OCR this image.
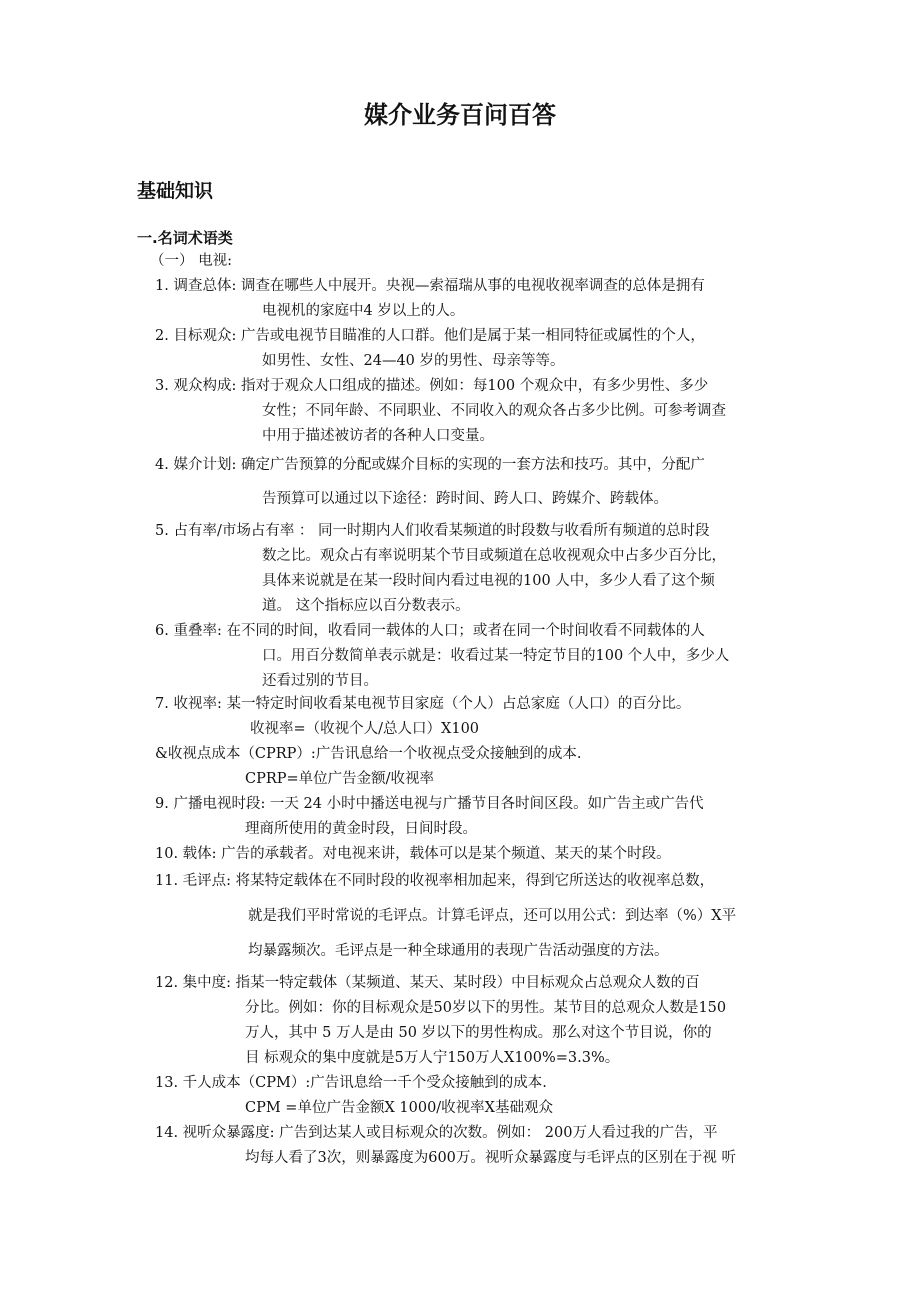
媒介业务百问百答
基础知识
一.名词术语类
（一） 电视:
1. 调查总体: 调查在哪些人中展开。央视—索福瑞从事的电视收视率调查的总体是拥有
电视机的家庭中4 岁以上的人。
2. 目标观众: 广告或电视节目瞄准的人口群。他们是属于某一相同特征或属性的个人，
如男性、女性、24—40 岁的男性、母亲等等。
3. 观众构成: 指对于观众人口组成的描述。例如：每100 个观众中，有多少男性、多少
女性；不同年龄、不同职业、不同收入的观众各占多少比例。可参考调查
中用于描述被访者的各种人口变量。
4. 媒介计划: 确定广告预算的分配或媒介目标的实现的一套方法和技巧。其中，分配广
告预算可以通过以下途径：跨时间、跨人口、跨媒介、跨载体。
5. 占有率/市场占有率 ： 同一时期内人们收看某频道的时段数与收看所有频道的总时段
数之比。观众占有率说明某个节目或频道在总收视观众中占多少百分比，
具体来说就是在某一段时间内看过电视的100 人中，多少人看了这个频
道。 这个指标应以百分数表示。
6. 重叠率: 在不同的时间，收看同一载体的人口；或者在同一个时间收看不同载体的人
口。用百分数简单表示就是：收看过某一特定节目的100 个人中，多少人
还看过别的节目。
7. 收视率: 某一特定时间收看某电视节目家庭（个人）占总家庭（人口）的百分比。
收视率=（收视个人/总人口）X100
&收视点成本（CPRP）:广告讯息给一个收视点受众接触到的成本.
CPRP=单位广告金额/收视率
9. 广播电视时段: 一天 24 小时中播送电视与广播节目各时间区段。如广告主或广告代
理商所使用的黄金时段，日间时段。
10. 载体: 广告的承载者。对电视来讲，载体可以是某个频道、某天的某个时段。
11. 毛评点: 将某特定载体在不同时段的收视率相加起来，得到它所送达的收视率总数，
就是我们平时常说的毛评点。计算毛评点，还可以用公式：到达率（%）X平
均暴露频次。毛评点是一种全球通用的表现广告活动强度的方法。
12. 集中度: 指某一特定载体（某频道、某天、某时段）中目标观众占总观众人数的百
分比。例如：你的目标观众是50岁以下的男性。某节目的总观众人数是150
万人，其中 5 万人是由 50 岁以下的男性构成。那么对这个节目说，你的
目 标观众的集中度就是5万人宁150万人X100%=3.3%。
13. 千人成本（CPM）:广告讯息给一千个受众接触到的成本.
CPM =单位广告金额X 1000/收视率X基础观众
14. 视听众暴露度: 广告到达某人或目标观众的次数。例如： 200万人看过我的广告，平
均每人看了3次，则暴露度为600万。视听众暴露度与毛评点的区别在于视 听
